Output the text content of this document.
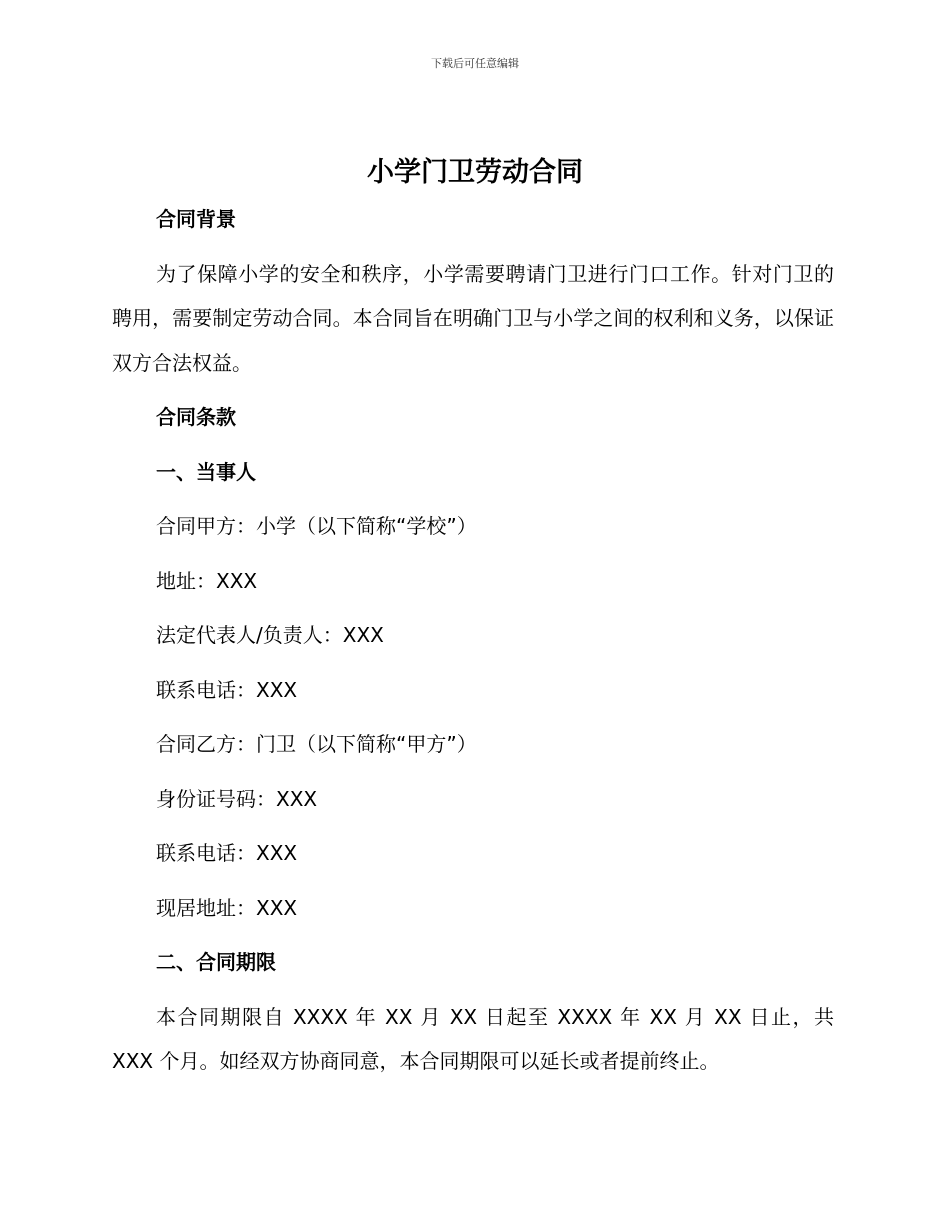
下载后可任意编辑
小学门卫劳动合同

合同背景

为了保障小学的安全和秩序，小学需要聘请门卫进行门口工作。针对门卫的聘用，需要制定劳动合同。本合同旨在明确门卫与小学之间的权利和义务，以保证双方合法权益。

合同条款

一、当事人

合同甲方：小学（以下简称“学校”）

地址：XXX

法定代表人/负责人：XXX

联系电话：XXX

合同乙方：门卫（以下简称“甲方”）

身份证号码：XXX

联系电话：XXX

现居地址：XXX

二、合同期限

本合同期限自 XXXX 年 XX 月 XX 日起至 XXXX 年 XX 月 XX 日止，共 XXX 个月。如经双方协商同意，本合同期限可以延长或者提前终止。
